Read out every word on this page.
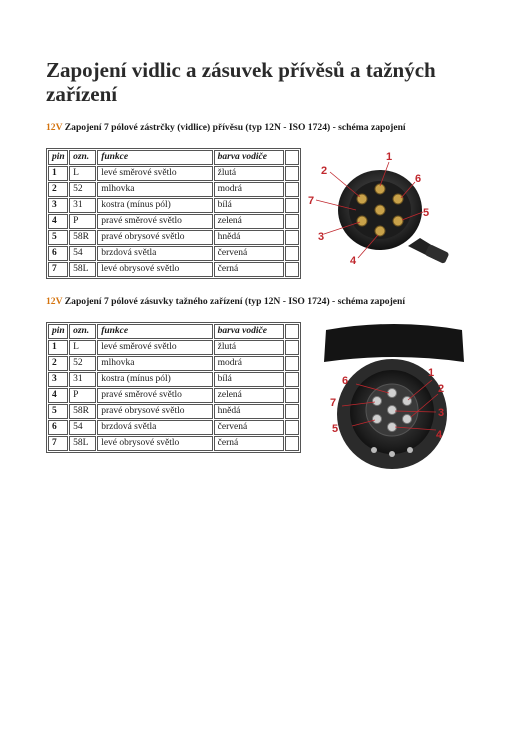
Zapojení vidlic a zásuvek přívěsů a tažných zařízení

12V Zapojení 7 pólové zástrčky (vidlice) přívěsu (typ 12N - ISO 1724) - schéma zapojení

pin	ozn.	funkce	barva vodiče	
1	L	levé směrové světlo	žlutá	
2	52	mlhovka	modrá	
3	31	kostra (mínus pól)	bílá	
4	P	pravé směrové světlo	zelená	
5	58R	pravé obrysové světlo	hnědá	
6	54	brzdová světla	červená	
7	58L	levé obrysové světlo	černá	
1
2
3
4
5
6
7

12V Zapojení 7 pólové zásuvky tažného zařízení (typ 12N - ISO 1724) - schéma zapojení

pin	ozn.	funkce	barva vodiče	
1	L	levé směrové světlo	žlutá	
2	52	mlhovka	modrá	
3	31	kostra (mínus pól)	bílá	
4	P	pravé směrové světlo	zelená	
5	58R	pravé obrysové světlo	hnědá	
6	54	brzdová světla	červená	
7	58L	levé obrysové světlo	černá	
1
2
3
4
5
6
7
